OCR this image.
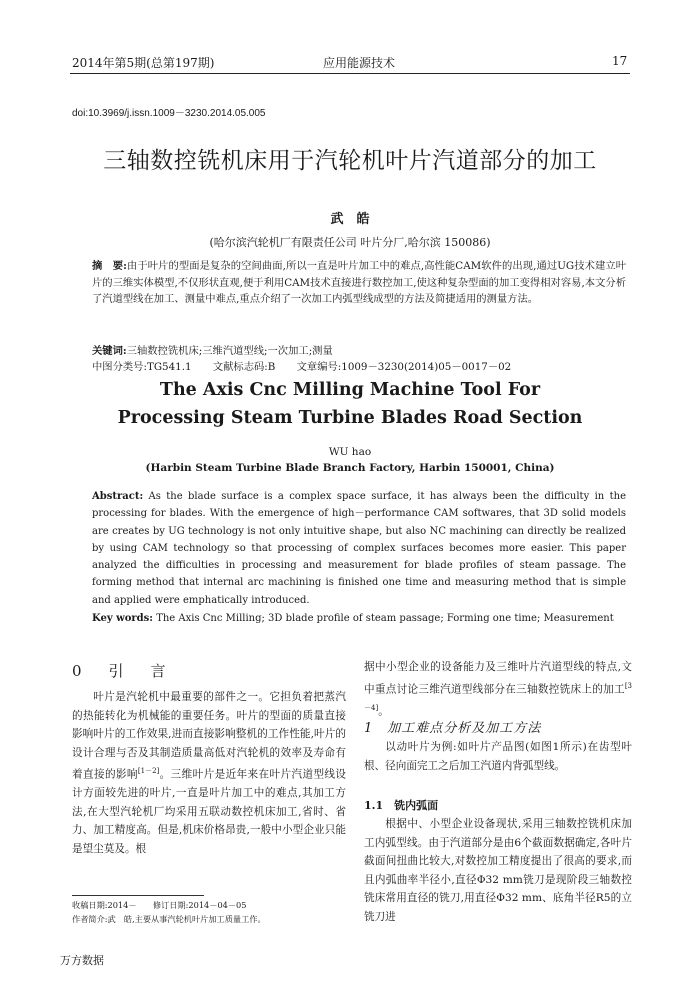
2014年第5期(总第197期)	应用能源技术	17
doi:10.3969/j.issn.1009－3230.2014.05.005
三轴数控铣机床用于汽轮机叶片汽道部分的加工
武　皓
(哈尔滨汽轮机厂有限责任公司 叶片分厂,哈尔滨 150086)
摘　要:由于叶片的型面是复杂的空间曲面,所以一直是叶片加工中的难点,高性能CAM软件的出现,通过UG技术建立叶片的三维实体模型,不仅形状直观,便于利用CAM技术直接进行数控加工,使这种复杂型面的加工变得相对容易,本文分析了汽道型线在加工、测量中难点,重点介绍了一次加工内弧型线成型的方法及简捷适用的测量方法。
关键词:三轴数控铣机床;三维汽道型线;一次加工;测量
中图分类号:TG541.1 文献标志码:B 文章编号:1009－3230(2014)05－0017－02
The Axis Cnc Milling Machine Tool For
Processing Steam Turbine Blades Road Section
WU hao
(Harbin Steam Turbine Blade Branch Factory, Harbin 150001, China)
Abstract: As the blade surface is a complex space surface, it has always been the difficulty in the processing for blades. With the emergence of high－performance CAM softwares, that 3D solid models are creates by UG technology is not only intuitive shape, but also NC machining can directly be realized by using CAM technology so that processing of complex surfaces becomes more easier. This paper analyzed the difficulties in processing and measurement for blade profiles of steam passage. The forming method that internal arc machining is finished one time and measuring method that is simple and applied were emphatically introduced.
Key words: The Axis Cnc Milling; 3D blade profile of steam passage; Forming one time; Measurement
0　引　言
叶片是汽轮机中最重要的部件之一。它担负着把蒸汽的热能转化为机械能的重要任务。叶片的型面的质量直接影响叶片的工作效果,进而直接影响整机的工作性能,叶片的设计合理与否及其制造质量高低对汽轮机的效率及寿命有着直接的影响[1－2]。三维叶片是近年来在叶片汽道型线设计方面较先进的叶片,一直是叶片加工中的难点,其加工方法,在大型汽轮机厂均采用五联动数控机床加工,省时、省力、加工精度高。但是,机床价格昂贵,一般中小型企业只能是望尘莫及。根
收稿日期:2014－　　修订日期:2014－04－05
作者简介:武　皓,主要从事汽轮机叶片加工质量工作。
据中小型企业的设备能力及三维叶片汽道型线的特点,文中重点讨论三维汽道型线部分在三轴数控铣床上的加工[3－4]。
1　加工难点分析及加工方法
以动叶片为例:如叶片产品图(如图1所示)在齿型叶根、径向面完工之后加工汽道内背弧型线。
1.1　铣内弧面
根据中、小型企业设备现状,采用三轴数控铣机床加工内弧型线。由于汽道部分是由6个截面数据确定,各叶片截面间扭曲比较大,对数控加工精度提出了很高的要求,而且内弧曲率半径小,直径Φ32 mm铣刀是现阶段三轴数控铣床常用直径的铣刀,用直径Φ32 mm、底角半径R5的立铣刀进
万方数据
